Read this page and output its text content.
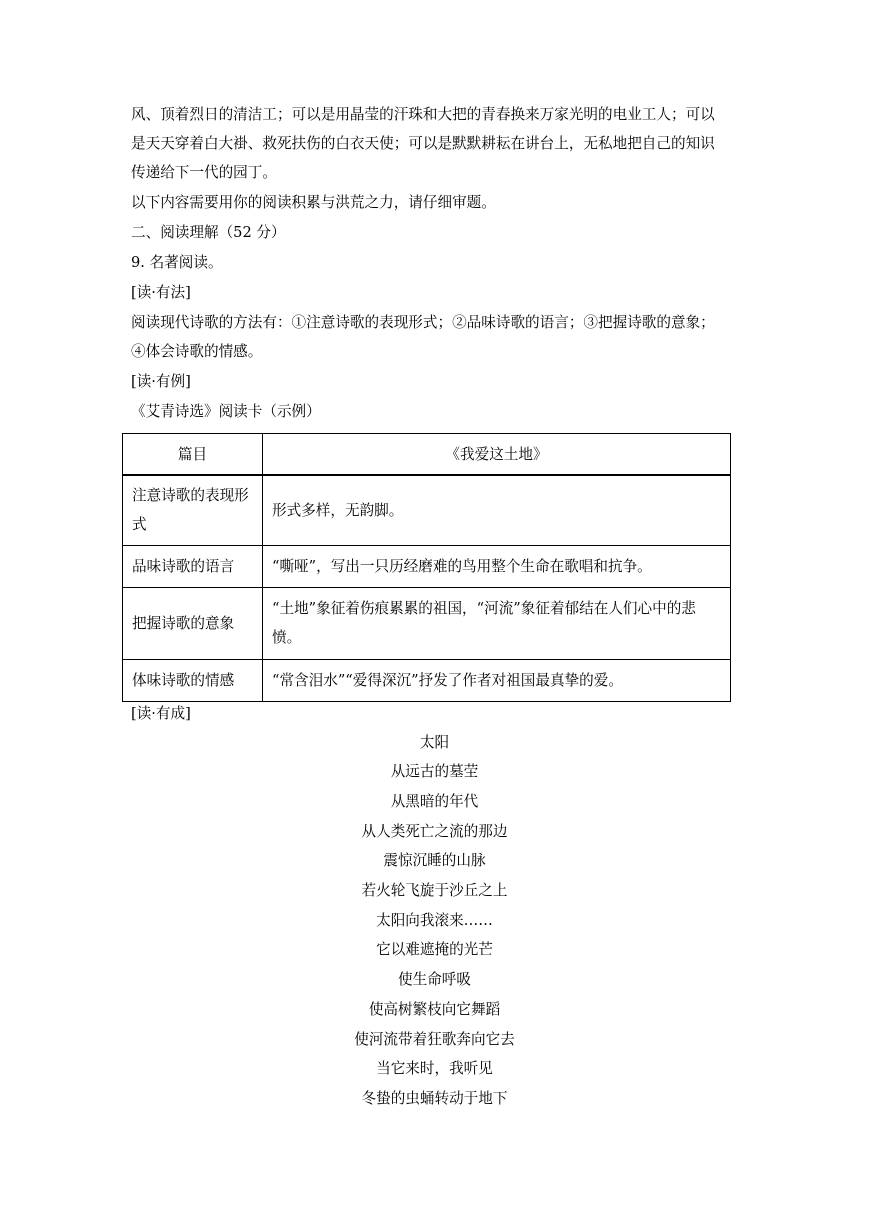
风、顶着烈日的清洁工；可以是用晶莹的汗珠和大把的青春换来万家光明的电业工人；可以
是天天穿着白大褂、救死扶伤的白衣天使；可以是默默耕耘在讲台上，无私地把自己的知识
传递给下一代的园丁。
以下内容需要用你的阅读积累与洪荒之力，请仔细审题。
二、阅读理解（52 分）
9. 名著阅读。
[读·有法]
阅读现代诗歌的方法有：①注意诗歌的表现形式；②品味诗歌的语言；③把握诗歌的意象；
④体会诗歌的情感。
[读·有例]
《艾青诗选》阅读卡（示例）
篇目	《我爱这土地》
注意诗歌的表现形式	形式多样，无韵脚。
品味诗歌的语言	“嘶哑”，写出一只历经磨难的鸟用整个生命在歌唱和抗争。
把握诗歌的意象	“土地”象征着伤痕累累的祖国，“河流”象征着郁结在人们心中的悲愤。
体味诗歌的情感	“常含泪水”“爱得深沉”抒发了作者对祖国最真挚的爱。
[读·有成]
太阳
从远古的墓茔
从黑暗的年代
从人类死亡之流的那边
震惊沉睡的山脉
若火轮飞旋于沙丘之上
太阳向我滚来……
它以难遮掩的光芒
使生命呼吸
使高树繁枝向它舞蹈
使河流带着狂歌奔向它去
当它来时，我听见
冬蛰的虫蛹转动于地下
